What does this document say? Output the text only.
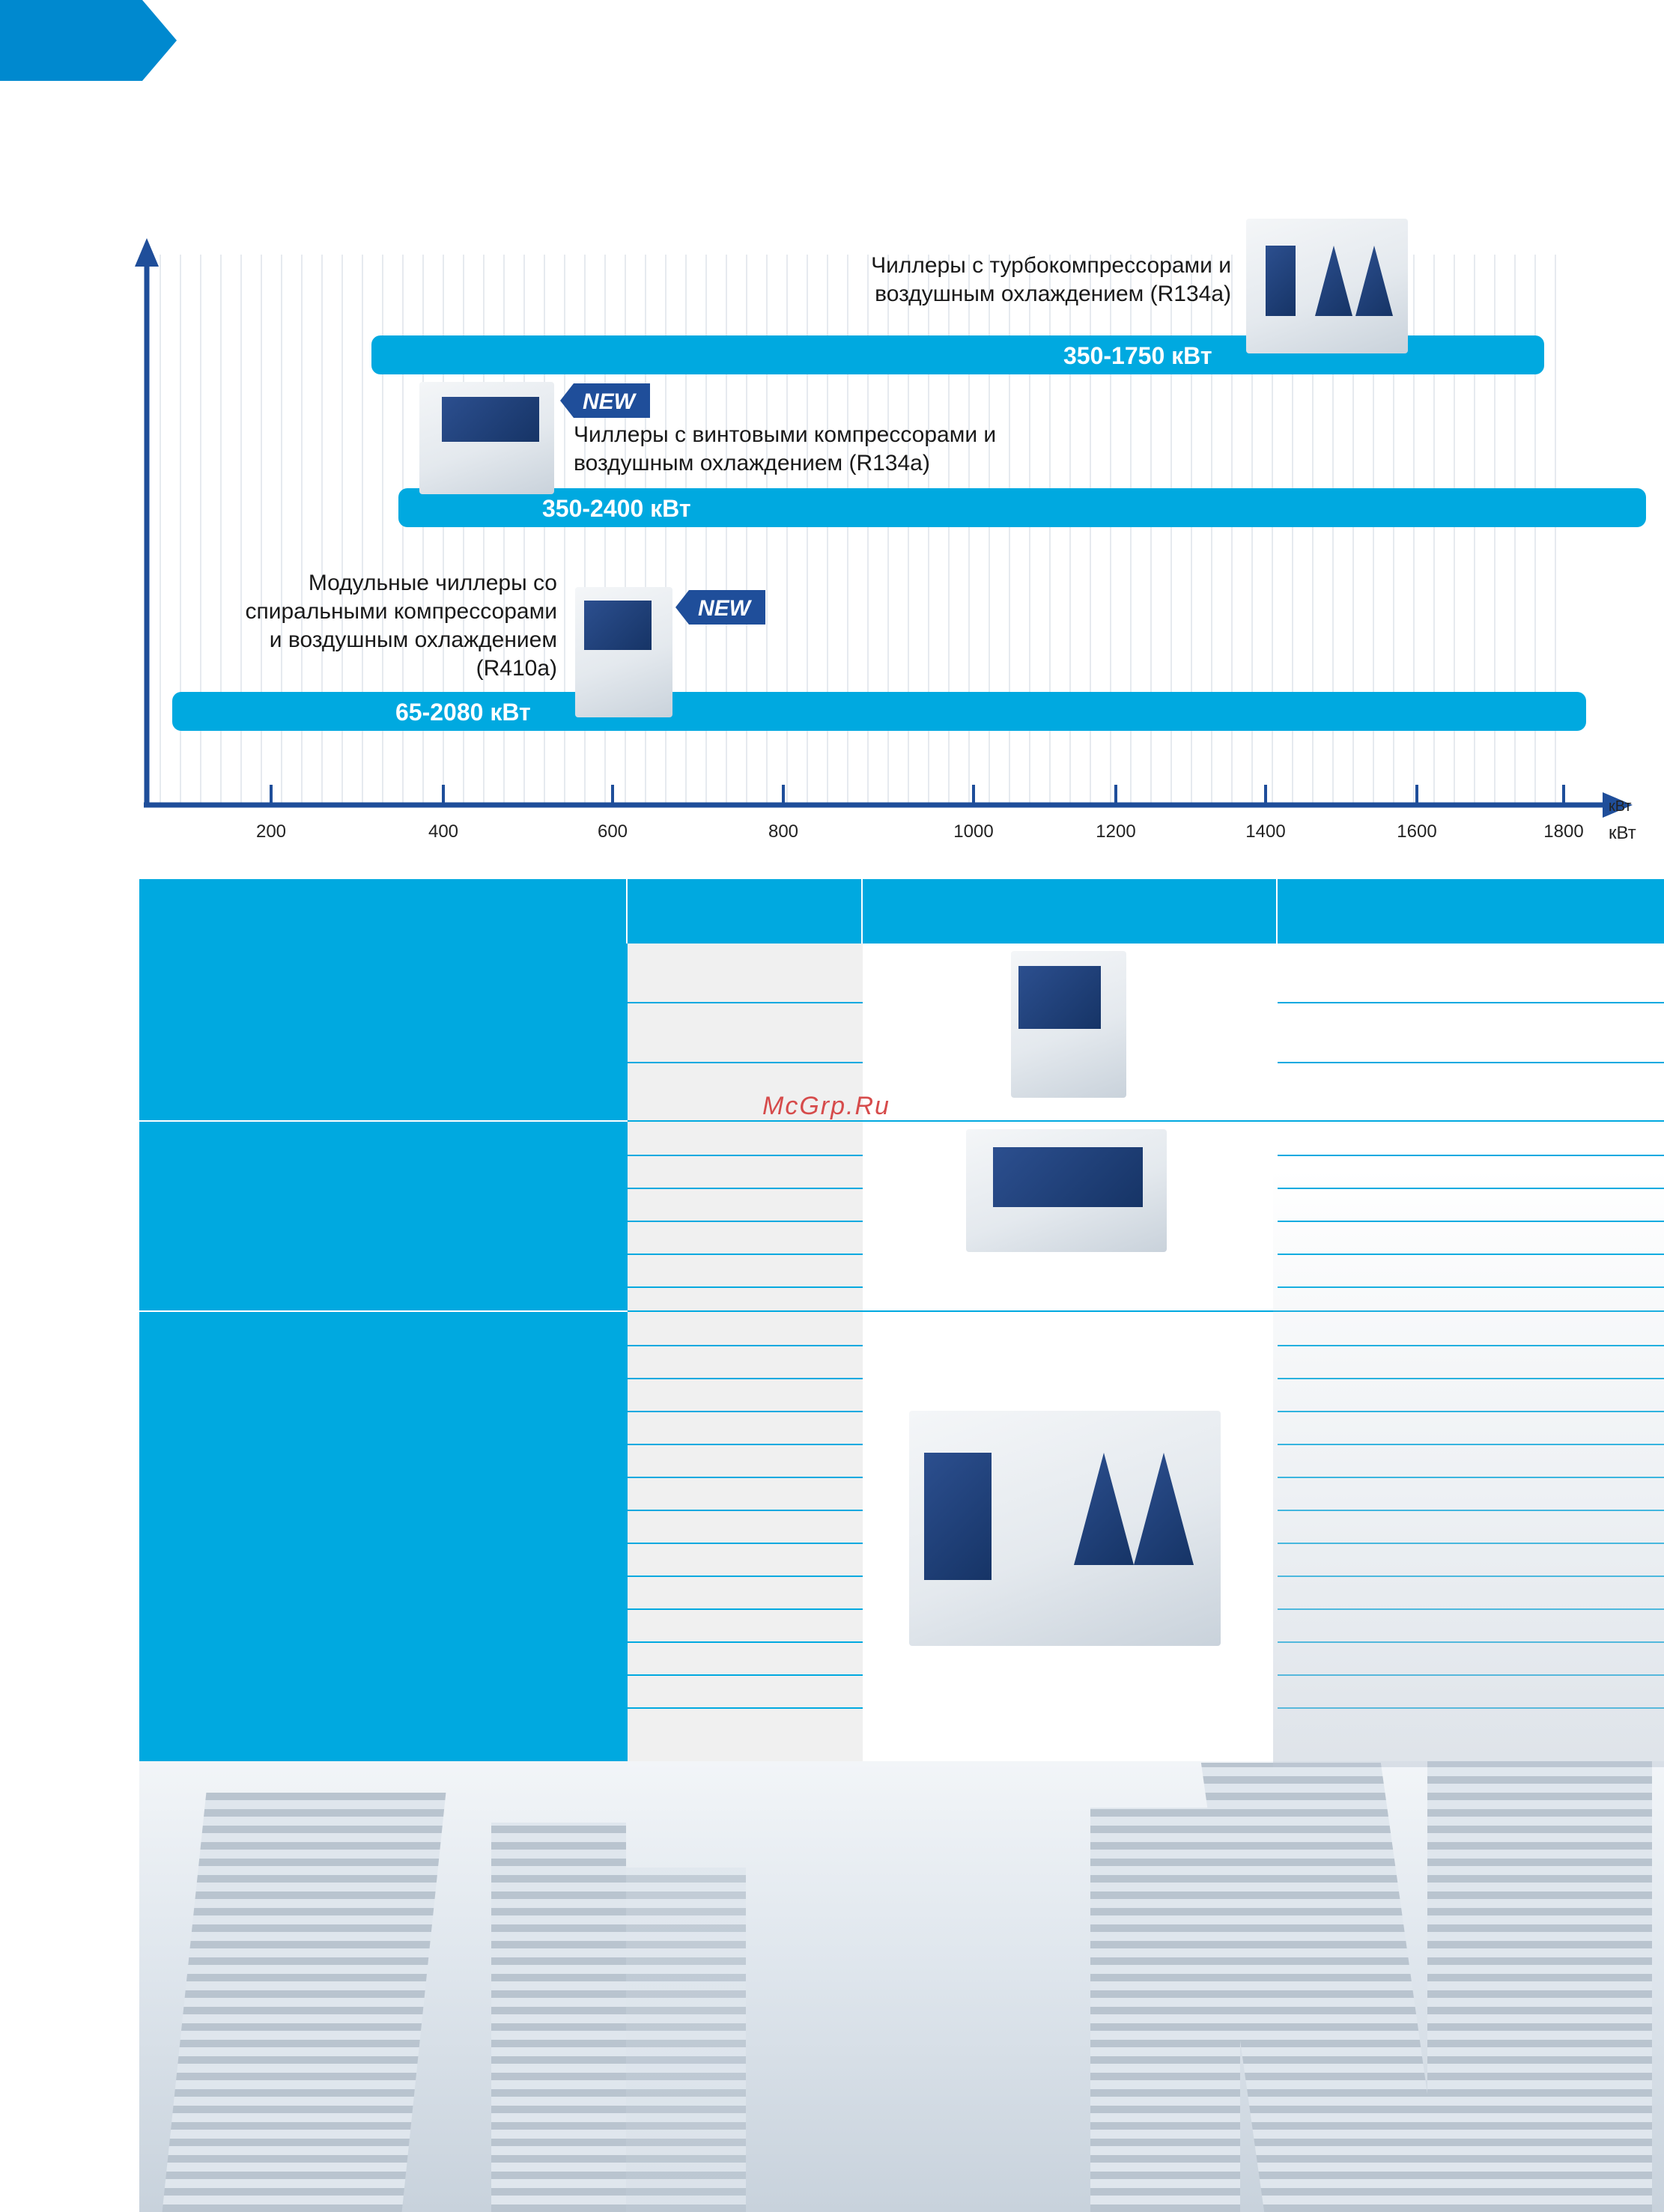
200	400	600	800	1000	1200	1400	1600	1800
350-1750 кВт
350-2400 кВт
65-2080 кВт
кВт
кВт
Чиллеры с турбокомпрессорами и
воздушным охлаждением (R134a)
Чиллеры с винтовыми компрессорами и
воздушным охлаждением (R134a)
Модульные чиллеры со
спиральными компрессорами
и воздушным охлаждением
(R410a)
NEW
NEW
McGrp.Ru
